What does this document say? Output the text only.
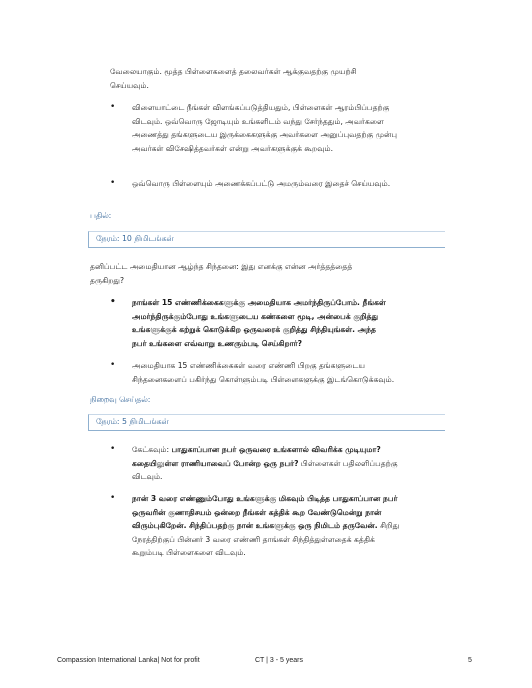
வேலையாகும். மூத்த பிள்ளைகளைத் தலைவர்கள் ஆக்குவதற்கு முயற்சி
செய்யவும்.
• விளையாட்டை நீங்கள் விளங்கப்படுத்தியதும், பிள்ளைகள் ஆரம்பிப்பதற்கு
விடவும். ஒவ்வொரு ஜோடியும் உங்களிடம் வந்து சேர்ந்ததும், அவர்களை
அணைத்து தங்களுடைய இருக்கைகளுக்கு அவர்களை அனுப்புவதற்கு முன்பு
அவர்கள் விசேஷித்தவர்கள் என்று அவர்களுக்குக் கூறவும்.
• ஒவ்வொரு பிள்ளையும் அணைக்கப்பட்டு அமரும்வரை இதைச் செய்யவும்.
பதில்:
நேரம்: 10 நிமிடங்கள்
தனிப்பட்ட அமைதியான ஆழ்ந்த சிந்தனை: இது எனக்கு என்ன அர்த்தத்தைத்
தருகிறது?
• நாங்கள் 15 எண்ணிக்கைகளுக்கு அமைதியாக அமர்ந்திருப்போம். நீங்கள்
அமர்ந்திருக்கும்போது உங்களுடைய கண்களை மூடி, அன்பைக் குறித்து
உங்களுக்குக் கற்றுக் கொடுக்கிற ஒருவரைக் குறித்து சிந்தியுங்கள். அந்த
நபர் உங்களை எவ்வாறு உணரும்படி செய்கிறார்?
• அமைதியாக 15 எண்ணிக்கைகள் வரை எண்ணி பிறகு தங்களுடைய
சிந்தனைகளைப் பகிர்ந்து கொள்ளும்படி பிள்ளைகளுக்கு இடங்கொடுக்கவும்.
நிறைவு செய்தல்:
நேரம்: 5 நிமிடங்கள்
• கேட்கவும்: பாதுகாப்பான நபர் ஒருவரை உங்களால் விவரிக்க முடியுமா?
கதையிலுள்ள ராணியாவைப் போன்ற ஒரு நபர்? பிள்ளைகள் பதிலளிப்பதற்கு
விடவும்.
• நான் 3 வரை எண்ணும்போது உங்களுக்கு மிகவும் பிடித்த பாதுகாப்பான நபர்
ஒருவரின் குணாதிசயம் ஒன்றை நீங்கள் கத்திக் கூற வேண்டுமென்று நான்
விரும்புகிறேன். சிந்திப்பதற்கு நான் உங்களுக்கு ஒரு நிமிடம் தருவேன். சிறிது
நேரத்திற்குப் பின்னர் 3 வரை எண்ணி தாங்கள் சிந்தித்துள்ளதைக் கத்திக்
கூறும்படி பிள்ளைகளை விடவும்.
Compassion International Lanka| Not for profit	CT | 3 - 5 years	5
